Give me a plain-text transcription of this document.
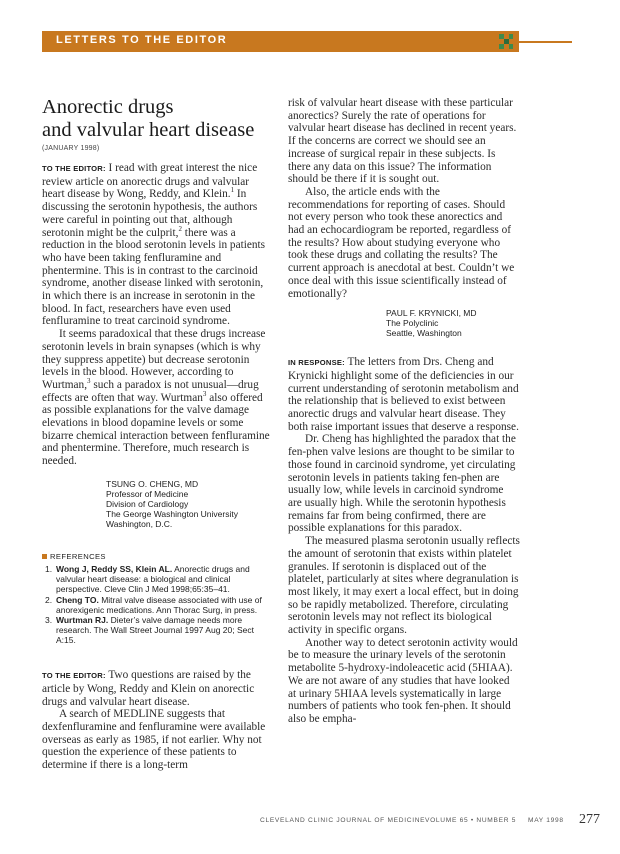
LETTERS TO THE EDITOR
Anorectic drugs
and valvular heart disease
(JANUARY 1998)

TO THE EDITOR: I read with great interest the nice review article on anorectic drugs and valvular heart disease by Wong, Reddy, and Klein.$^1$ In discussing the serotonin hypothesis, the authors were careful in pointing out that, although serotonin might be the culprit,$^2$ there was a reduction in the blood serotonin levels in patients who have been taking fenfluramine and phentermine. This is in contrast to the carcinoid syndrome, another disease linked with serotonin, in which there is an increase in serotonin in the blood. In fact, researchers have even used fenfluramine to treat carcinoid syndrome.

It seems paradoxical that these drugs increase serotonin levels in brain synapses (which is why they suppress appetite) but decrease serotonin levels in the blood. However, according to Wurtman,$^3$ such a paradox is not unusual—drug effects are often that way. Wurtman$^3$ also offered as possible explanations for the valve damage elevations in blood dopamine levels or some bizarre chemical interaction between fenfluramine and phentermine. Therefore, much research is needed.

TSUNG O. CHENG, MD
Professor of Medicine
Division of Cardiology
The George Washington University
Washington, D.C.
REFERENCES
1. Wong J, Reddy SS, Klein AL. Anorectic drugs and valvular heart disease: a biological and clinical perspective. Cleve Clin J Med 1998;65:35–41.
2. Cheng TO. Mitral valve disease associated with use of anorexigenic medications. Ann Thorac Surg, in press.
3. Wurtman RJ. Dieter’s valve damage needs more research. The Wall Street Journal 1997 Aug 20; Sect A:15.

TO THE EDITOR: Two questions are raised by the article by Wong, Reddy and Klein on anorectic drugs and valvular heart disease.

A search of MEDLINE suggests that dexfenfluramine and fenfluramine were available overseas as early as 1985, if not earlier. Why not question the experience of these patients to determine if there is a long-term

risk of valvular heart disease with these particular anorectics? Surely the rate of operations for valvular heart disease has declined in recent years. If the concerns are correct we should see an increase of surgical repair in these subjects. Is there any data on this issue? The information should be there if it is sought out.

Also, the article ends with the recommendations for reporting of cases. Should not every person who took these anorectics and had an echocardiogram be reported, regardless of the results? How about studying everyone who took these drugs and collating the results? The current approach is anecdotal at best. Couldn’t we once deal with this issue scientifically instead of emotionally?

PAUL F. KRYNICKI, MD
The Polyclinic
Seattle, Washington

IN RESPONSE: The letters from Drs. Cheng and Krynicki highlight some of the deficiencies in our current understanding of serotonin metabolism and the relationship that is believed to exist between anorectic drugs and valvular heart disease. They both raise important issues that deserve a response.

Dr. Cheng has highlighted the paradox that the fen-phen valve lesions are thought to be similar to those found in carcinoid syndrome, yet circulating serotonin levels in patients taking fen-phen are usually low, while levels in carcinoid syndrome are usually high. While the serotonin hypothesis remains far from being confirmed, there are possible explanations for this paradox.

The measured plasma serotonin usually reflects the amount of serotonin that exists within platelet granules. If serotonin is displaced out of the platelet, particularly at sites where degranulation is most likely, it may exert a local effect, but in doing so be rapidly metabolized. Therefore, circulating serotonin levels may not reflect its biological activity in specific organs.

Another way to detect serotonin activity would be to measure the urinary levels of the serotonin metabolite 5-hydroxy-indoleacetic acid (5HIAA). We are not aware of any studies that have looked at urinary 5HIAA levels systematically in large numbers of patients who took fen-phen. It should also be empha-

CLEVELAND CLINIC JOURNAL OF MEDICINE VOLUME 65 • NUMBER 5 MAY 1998 277
